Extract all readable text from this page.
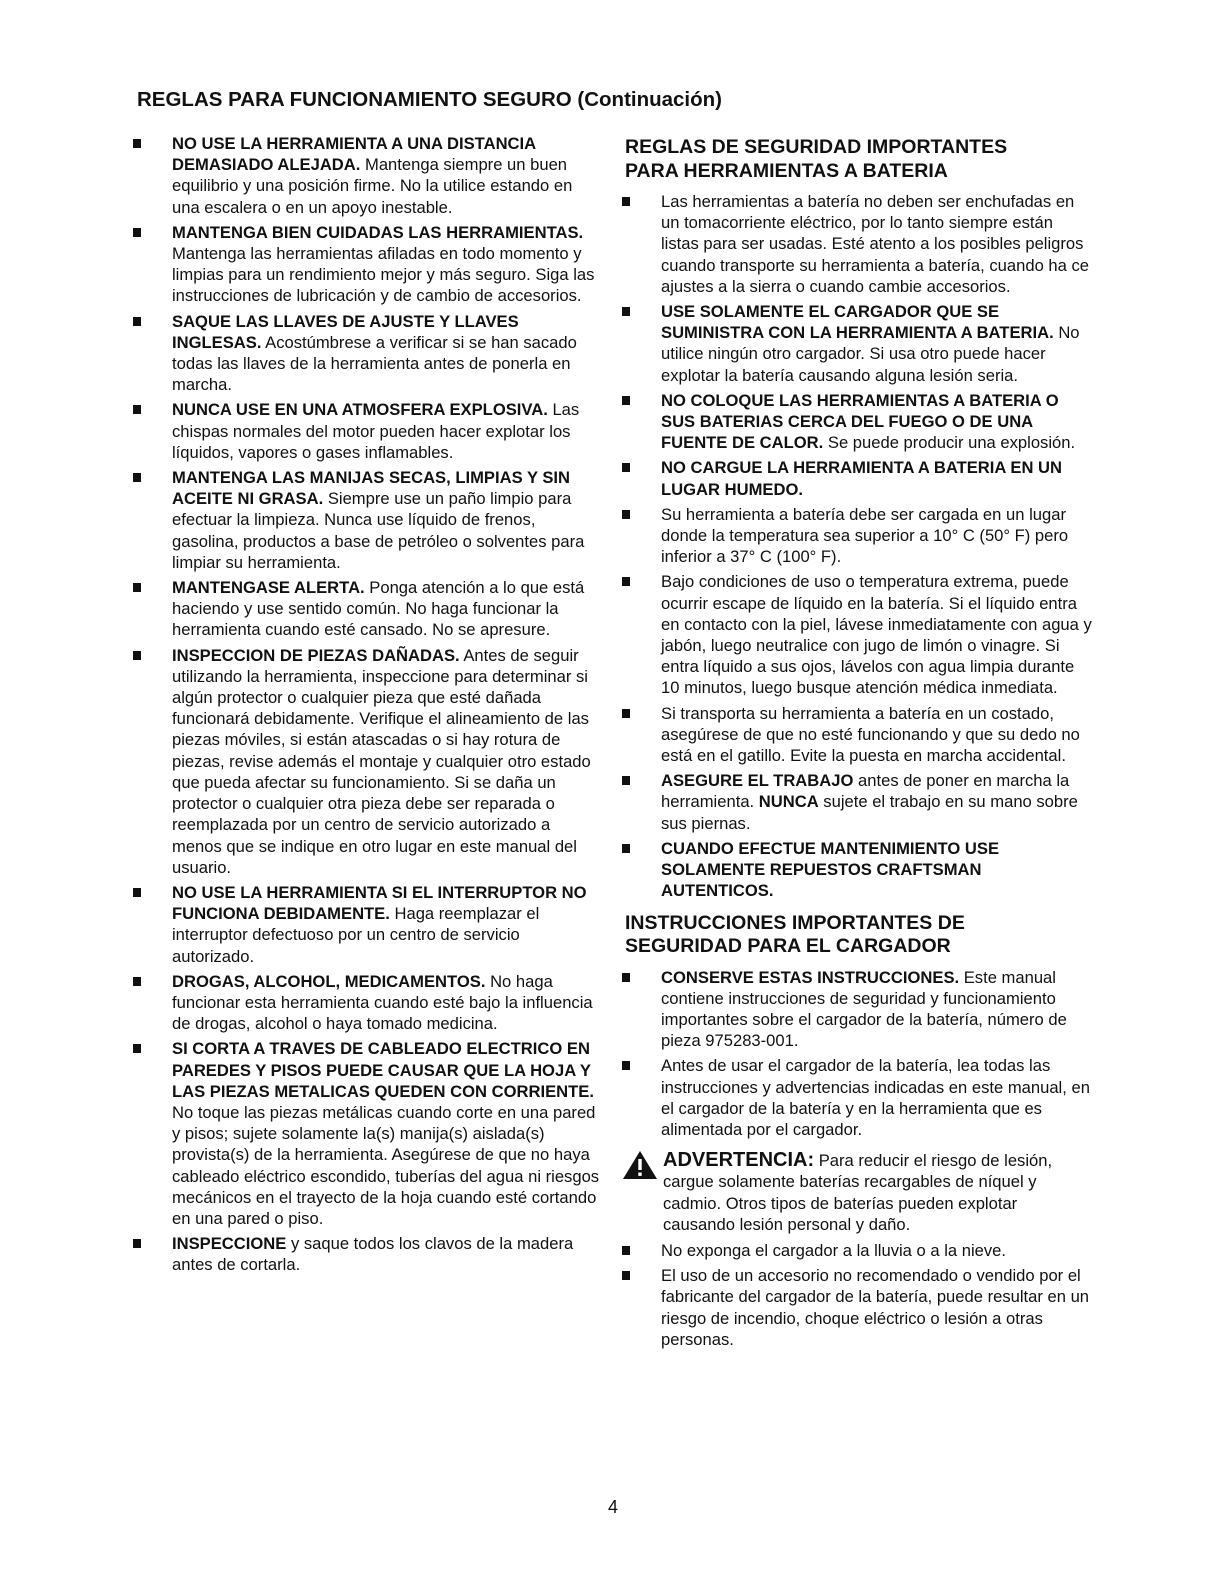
REGLAS PARA FUNCIONAMIENTO SEGURO (Continuación)
NO USE LA HERRAMIENTA A UNA DISTANCIA DEMASIADO ALEJADA. Mantenga siempre un buen equilibrio y una posición firme. No la utilice estando en una escalera o en un apoyo inestable.
MANTENGA BIEN CUIDADAS LAS HERRAMIENTAS. Mantenga las herramientas afiladas en todo momento y limpias para un rendimiento mejor y más seguro. Siga las instrucciones de lubricación y de cambio de accesorios.
SAQUE LAS LLAVES DE AJUSTE Y LLAVES INGLESAS. Acostúmbrese a verificar si se han sacado todas las llaves de la herramienta antes de ponerla en marcha.
NUNCA USE EN UNA ATMOSFERA EXPLOSIVA. Las chispas normales del motor pueden hacer explotar los líquidos, vapores o gases inflamables.
MANTENGA LAS MANIJAS SECAS, LIMPIAS Y SIN ACEITE NI GRASA. Siempre use un paño limpio para efectuar la limpieza. Nunca use líquido de frenos, gasolina, productos a base de petróleo o solventes para limpiar su herramienta.
MANTENGASE ALERTA. Ponga atención a lo que está haciendo y use sentido común. No haga funcionar la herramienta cuando esté cansado. No se apresure.
INSPECCION DE PIEZAS DAÑADAS. Antes de seguir utilizando la herramienta, inspeccione para determinar si algún protector o cualquier pieza que esté dañada funcionará debidamente. Verifique el alineamiento de las piezas móviles, si están atascadas o si hay rotura de piezas, revise además el montaje y cualquier otro estado que pueda afectar su funcionamiento. Si se daña un protector o cualquier otra pieza debe ser reparada o reemplazada por un centro de servicio autorizado a menos que se indique en otro lugar en este manual del usuario.
NO USE LA HERRAMIENTA SI EL INTERRUPTOR NO FUNCIONA DEBIDAMENTE. Haga reemplazar el interruptor defectuoso por un centro de servicio autorizado.
DROGAS, ALCOHOL, MEDICAMENTOS. No haga funcionar esta herramienta cuando esté bajo la influencia de drogas, alcohol o haya tomado medicina.
SI CORTA A TRAVES DE CABLEADO ELECTRICO EN PAREDES Y PISOS PUEDE CAUSAR QUE LA HOJA Y LAS PIEZAS METALICAS QUEDEN CON CORRIENTE. No toque las piezas metálicas cuando corte en una pared y pisos; sujete solamente la(s) manija(s) aislada(s) provista(s) de la herramienta. Asegúrese de que no haya cableado eléctrico escondido, tuberías del agua ni riesgos mecánicos en el trayecto de la hoja cuando esté cortando en una pared o piso.
INSPECCIONE y saque todos los clavos de la madera antes de cortarla.
REGLAS DE SEGURIDAD IMPORTANTES
PARA HERRAMIENTAS A BATERIA
Las herramientas a batería no deben ser enchufadas en un tomacorriente eléctrico, por lo tanto siempre están listas para ser usadas. Esté atento a los posibles peligros cuando transporte su herramienta a batería, cuando ha ce ajustes a la sierra o cuando cambie accesorios.
USE SOLAMENTE EL CARGADOR QUE SE SUMINISTRA CON LA HERRAMIENTA A BATERIA. No utilice ningún otro cargador. Si usa otro puede hacer explotar la batería causando alguna lesión seria.
NO COLOQUE LAS HERRAMIENTAS A BATERIA O SUS BATERIAS CERCA DEL FUEGO O DE UNA FUENTE DE CALOR. Se puede producir una explosión.
NO CARGUE LA HERRAMIENTA A BATERIA EN UN LUGAR HUMEDO.
Su herramienta a batería debe ser cargada en un lugar donde la temperatura sea superior a 10° C (50° F) pero inferior a 37° C (100° F).
Bajo condiciones de uso o temperatura extrema, puede ocurrir escape de líquido en la batería. Si el líquido entra en contacto con la piel, lávese inmediatamente con agua y jabón, luego neutralice con jugo de limón o vinagre. Si entra líquido a sus ojos, lávelos con agua limpia durante 10 minutos, luego busque atención médica inmediata.
Si transporta su herramienta a batería en un costado, asegúrese de que no esté funcionando y que su dedo no está en el gatillo. Evite la puesta en marcha accidental.
ASEGURE EL TRABAJO antes de poner en marcha la herramienta. NUNCA sujete el trabajo en su mano sobre sus piernas.
CUANDO EFECTUE MANTENIMIENTO USE SOLAMENTE REPUESTOS CRAFTSMAN AUTENTICOS.
INSTRUCCIONES IMPORTANTES DE
SEGURIDAD PARA EL CARGADOR
CONSERVE ESTAS INSTRUCCIONES. Este manual contiene instrucciones de seguridad y funcionamiento importantes sobre el cargador de la batería, número de pieza 975283-001.
Antes de usar el cargador de la batería, lea todas las instrucciones y advertencias indicadas en este manual, en el cargador de la batería y en la herramienta que es alimentada por el cargador.
ADVERTENCIA: Para reducir el riesgo de lesión, cargue solamente baterías recargables de níquel y cadmio. Otros tipos de baterías pueden explotar causando lesión personal y daño.
No exponga el cargador a la lluvia o a la nieve.
El uso de un accesorio no recomendado o vendido por el fabricante del cargador de la batería, puede resultar en un riesgo de incendio, choque eléctrico o lesión a otras personas.
4
